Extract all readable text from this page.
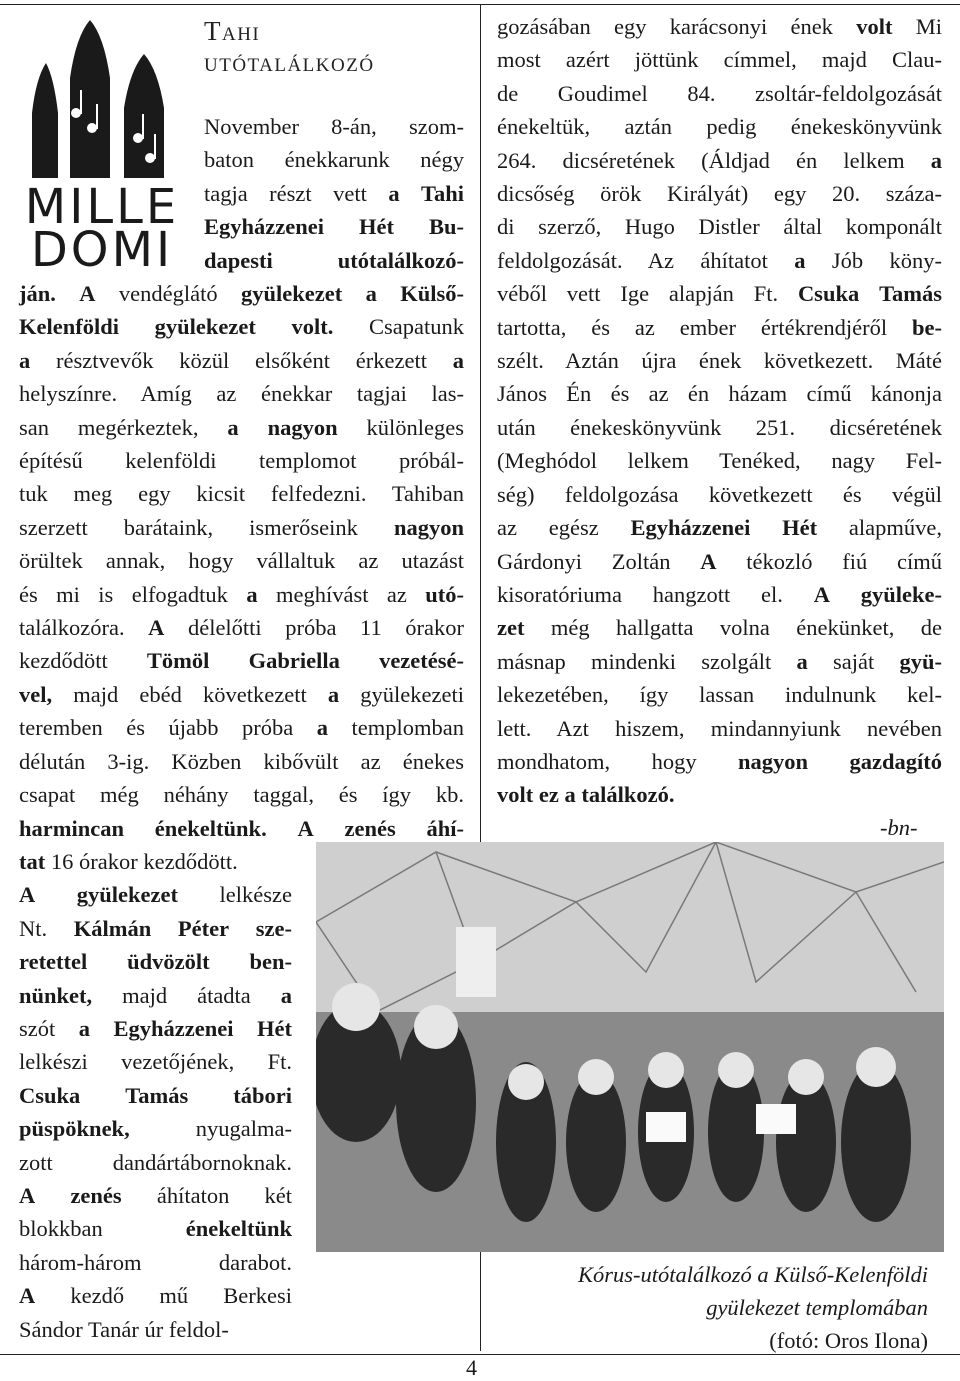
MILLE
DOMI
Tahi
utótalálkozó
November 8-án, szom-
baton énekkarunk négy
tagja részt vett a Tahi
Egyházzenei Hét Bu-
dapesti	utótalálkozó-
ján. A vendéglátó gyülekezet a Külső-
Kelenföldi gyülekezet volt. Csapatunk
a résztvevők közül elsőként érkezett a
helyszínre. Amíg az énekkar tagjai las-
san megérkeztek, a nagyon különleges
építésű kelenföldi templomot próbál-
tuk meg egy kicsit felfedezni. Tahiban
szerzett barátaink, ismerőseink nagyon
örültek annak, hogy vállaltuk az utazást
és mi is elfogadtuk a meghívást az utó-
találkozóra. A délelőtti próba 11 órakor
kezdődött Tömöl Gabriella vezetésé-
vel, majd ebéd következett a gyülekezeti
teremben és újabb próba a templomban
délután 3-ig. Közben kibővült az énekes
csapat még néhány taggal, és így kb.
harmincan énekeltünk. A zenés áhí-
tat 16 órakor kezdődött.
A gyülekezet lelkésze
Nt. Kálmán Péter sze-
retettel üdvözölt ben-
nünket, majd átadta a
szót a Egyházzenei Hét
lelkészi vezetőjének, Ft.
Csuka Tamás tábori
püspöknek, nyugalma-
zott dandártábornoknak.
A zenés áhítaton két
blokkban énekeltünk
három-három darabot.
A kezdő mű Berkesi
Sándor Tanár úr feldol-
gozásában egy karácsonyi ének volt Mi
most azért jöttünk címmel, majd Clau-
de Goudimel 84. zsoltár-feldolgozását
énekeltük, aztán pedig énekeskönyvünk
264. dicséretének (Áldjad én lelkem a
dicsőség örök Királyát) egy 20. száza-
di szerző, Hugo Distler által komponált
feldolgozását. Az áhítatot a Jób köny-
véből vett Ige alapján Ft. Csuka Tamás
tartotta, és az ember értékrendjéről be-
szélt. Aztán újra ének következett. Máté
János Én és az én házam című kánonja
után énekeskönyvünk 251. dicséretének
(Meghódol lelkem Tenéked, nagy Fel-
ség) feldolgozása következett és végül
az egész Egyházzenei Hét alapműve,
Gárdonyi Zoltán A tékozló fiú című
kisoratóriuma hangzott el. A gyüleke-
zet még hallgatta volna énekünket, de
másnap mindenki szolgált a saját gyü-
lekezetében, így lassan indulnunk kel-
lett. Azt hiszem, mindannyiunk nevében
mondhatom, hogy nagyon gazdagító
volt ez a találkozó.
-bn-
Kórus-utótalálkozó a Külső-Kelenföldi
gyülekezet templomában
(fotó: Oros Ilona)
4
